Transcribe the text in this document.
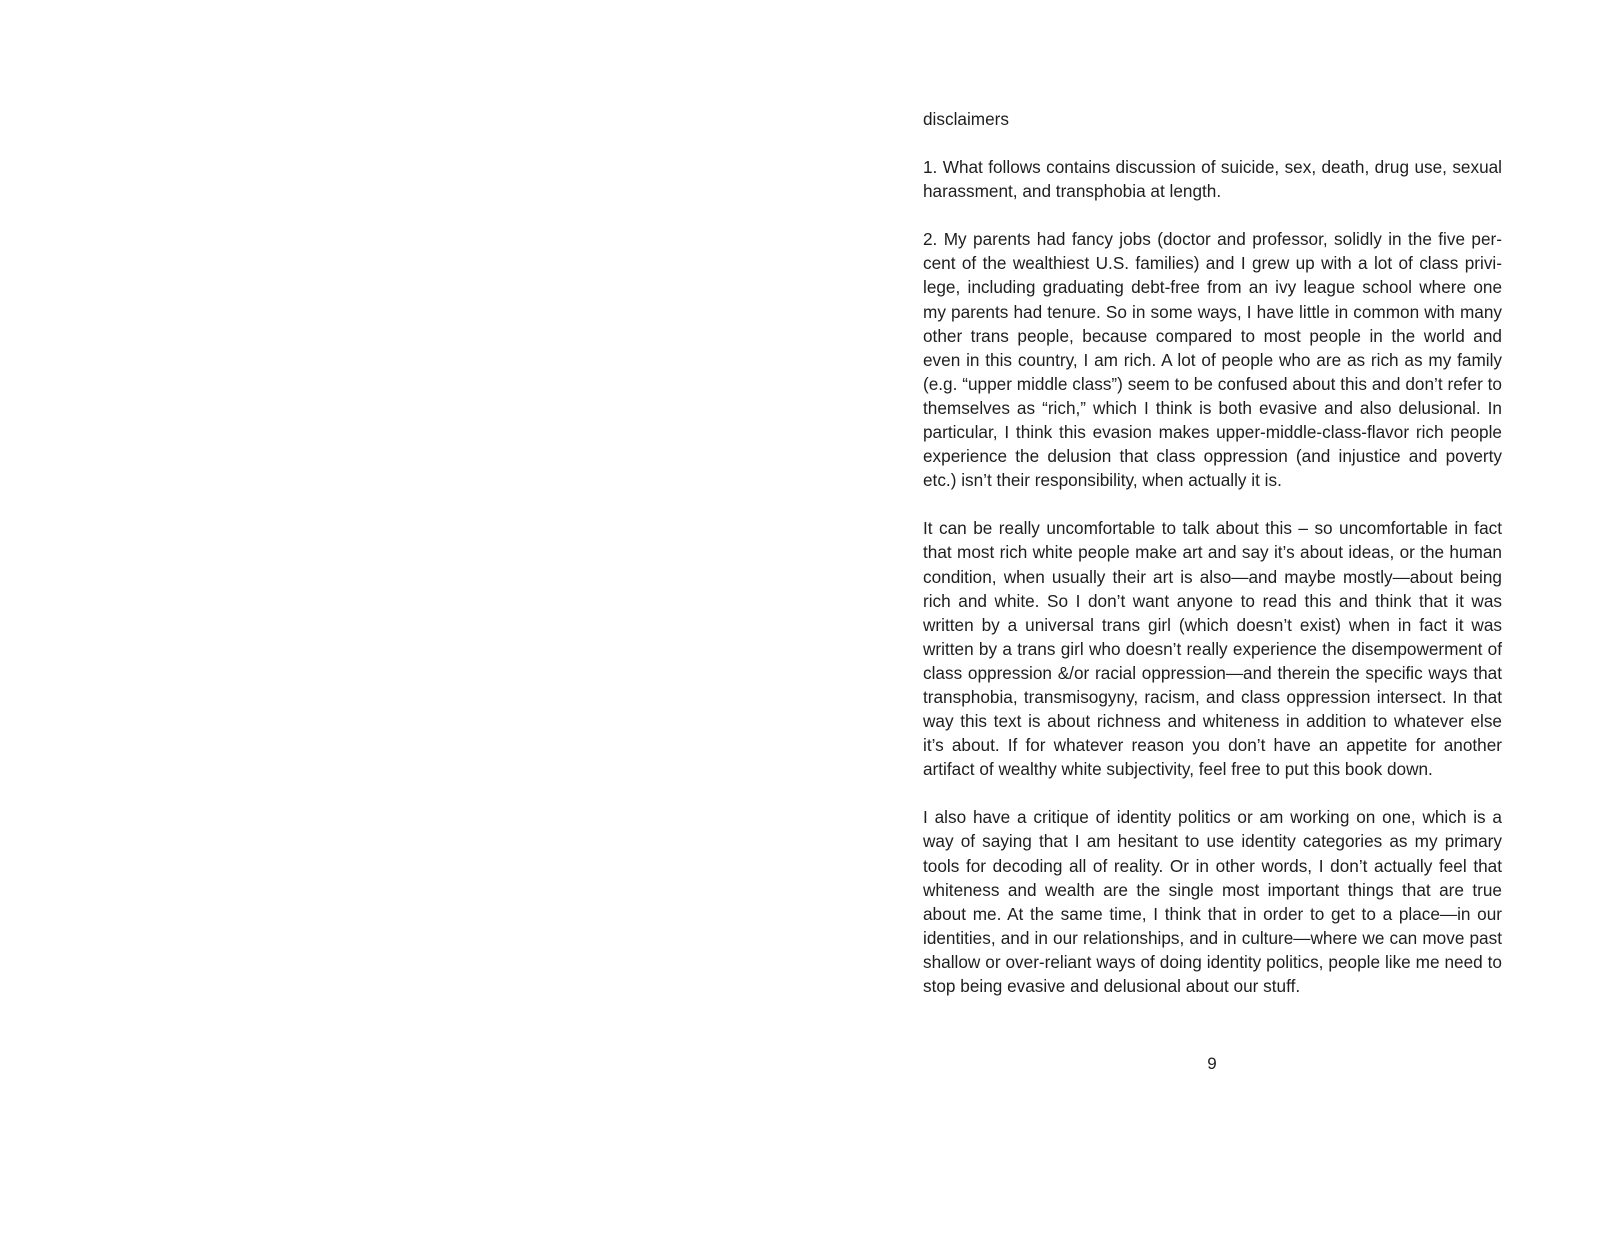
disclaimers

1. What follows contains discussion of suicide, sex, death, drug use, sexual harassment, and transphobia at length.

2. My parents had fancy jobs (doctor and professor, solidly in the five percent of the wealthiest U.S. families) and I grew up with a lot of class privilege, including graduating debt-free from an ivy league school where one my parents had tenure. So in some ways, I have little in common with many other trans people, because compared to most people in the world and even in this country, I am rich. A lot of people who are as rich as my family (e.g. “upper middle class”) seem to be confused about this and don’t refer to themselves as “rich,” which I think is both evasive and also delusional. In particular, I think this evasion makes upper-middle-class-flavor rich people experience the delusion that class oppression (and injustice and poverty etc.) isn’t their responsibility, when actually it is.

It can be really uncomfortable to talk about this – so uncomfortable in fact that most rich white people make art and say it’s about ideas, or the human condition, when usually their art is also—and maybe mostly—about being rich and white. So I don’t want anyone to read this and think that it was written by a universal trans girl (which doesn’t exist) when in fact it was written by a trans girl who doesn’t really experience the disempowerment of class oppression &/or racial oppression—and therein the specific ways that transphobia, transmisogyny, racism, and class oppression intersect. In that way this text is about richness and whiteness in addition to whatever else it’s about. If for whatever reason you don’t have an appetite for another artifact of wealthy white subjectivity, feel free to put this book down.

I also have a critique of identity politics or am working on one, which is a way of saying that I am hesitant to use identity categories as my primary tools for decoding all of reality. Or in other words, I don’t actually feel that whiteness and wealth are the single most important things that are true about me. At the same time, I think that in order to get to a place—in our identities, and in our relationships, and in culture—where we can move past shallow or over-reliant ways of doing identity politics, people like me need to stop being evasive and delusional about our stuff.

9
